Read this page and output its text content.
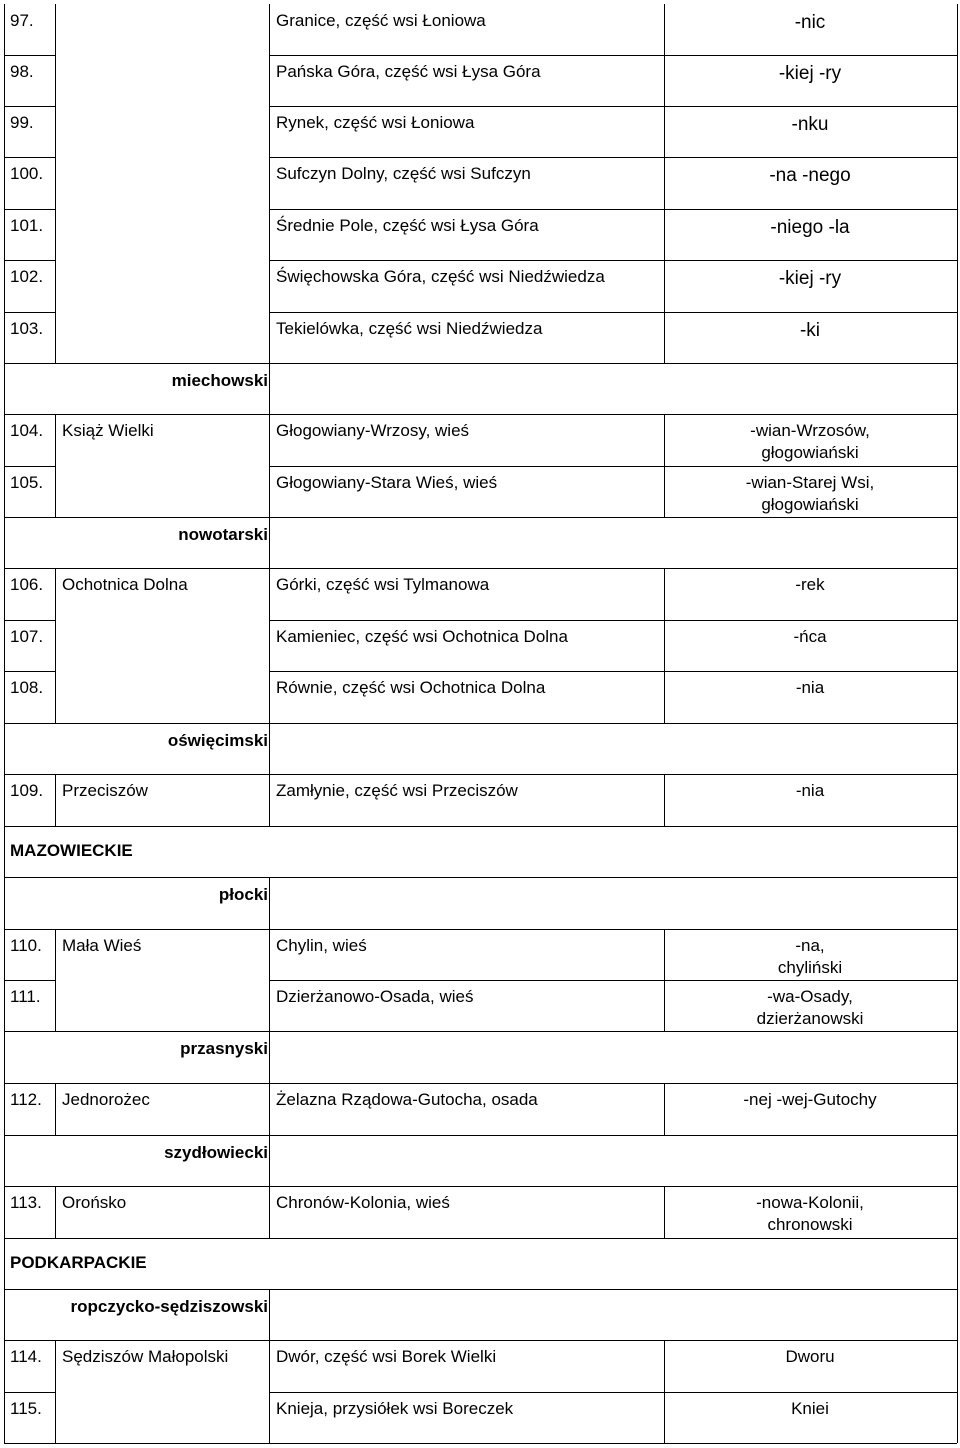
97.	Granice, część wsi Łoniowa	-nic
98.	Pańska Góra, część wsi Łysa Góra	-kiej -ry
99.	Rynek, część wsi Łoniowa	-nku
100.	Sufczyn Dolny, część wsi Sufczyn	-na -nego
101.	Średnie Pole, część wsi Łysa Góra	-niego -la
102.	Święchowska Góra, część wsi Niedźwiedza	-kiej -ry
103.	Tekielówka, część wsi Niedźwiedza	-ki
miechowski
104. Książ Wielki	Głogowiany-Wrzosy, wieś	-wian-Wrzosów,
głogowiański
105.	Głogowiany-Stara Wieś, wieś	-wian-Starej Wsi,
głogowiański
nowotarski
106. Ochotnica Dolna	Górki, część wsi Tylmanowa	-rek
107.	Kamieniec, część wsi Ochotnica Dolna	-ńca
108.	Równie, część wsi Ochotnica Dolna	-nia
oświęcimski
109. Przeciszów	Zamłynie, część wsi Przeciszów	-nia
MAZOWIECKIE
płocki
110. Mała Wieś	Chylin, wieś	-na,
chyliński
111.	Dzierżanowo-Osada, wieś	-wa-Osady,
dzierżanowski
przasnyski
112. Jednorożec	Żelazna Rządowa-Gutocha, osada	-nej -wej-Gutochy
szydłowiecki
113. Orońsko	Chronów-Kolonia, wieś	-nowa-Kolonii,
chronowski
PODKARPACKIE
ropczycko-sędziszowski
114. Sędziszów Małopolski	Dwór, część wsi Borek Wielki	Dworu
115.	Knieja, przysiółek wsi Boreczek	Kniei
